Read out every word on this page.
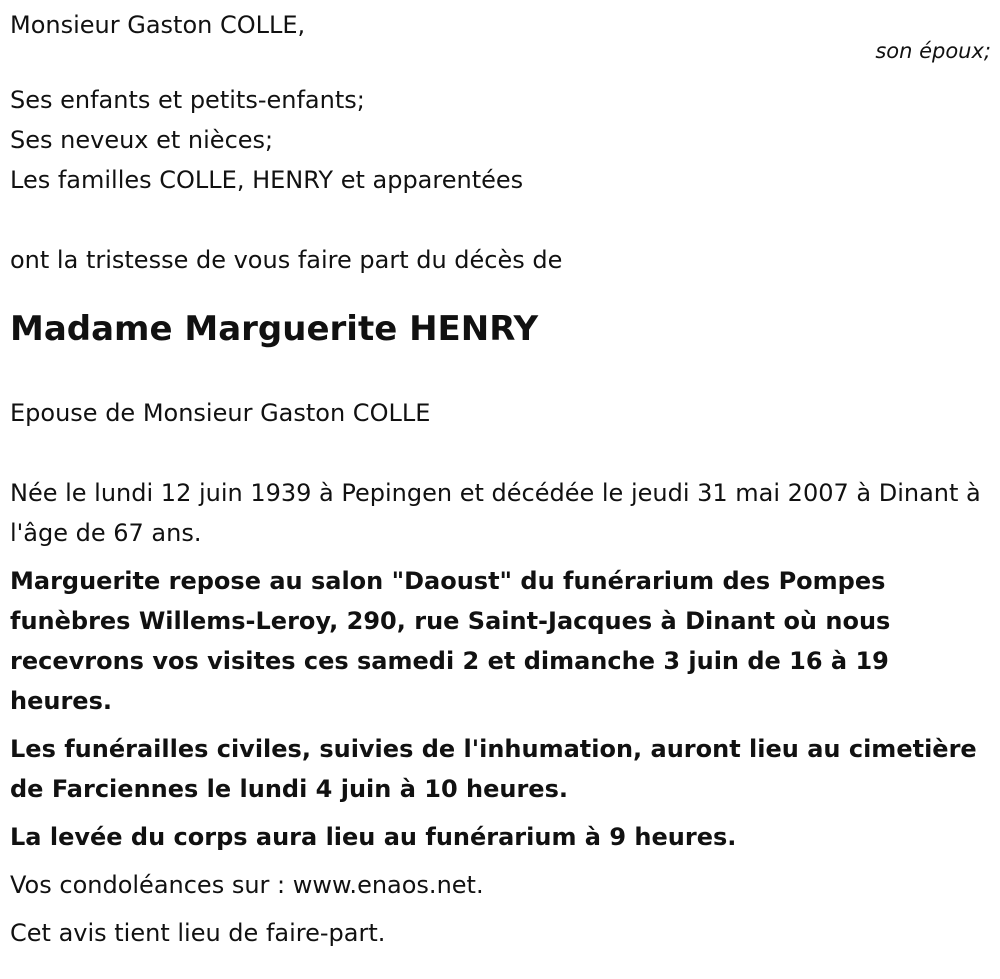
Monsieur Gaston COLLE,
son époux;
Ses enfants et petits-enfants;
Ses neveux et nièces;
Les familles COLLE, HENRY et apparentées
ont la tristesse de vous faire part du décès de
Madame Marguerite HENRY
Epouse de Monsieur Gaston COLLE

Née le lundi 12 juin 1939 à Pepingen et décédée le jeudi 31 mai 2007 à Dinant à l'âge de 67 ans.

Marguerite repose au salon "Daoust" du funérarium des Pompes funèbres Willems-Leroy, 290, rue Saint-Jacques à Dinant où nous recevrons vos visites ces samedi 2 et dimanche 3 juin de 16 à 19 heures.

Les funérailles civiles, suivies de l'inhumation, auront lieu au cimetière de Farciennes le lundi 4 juin à 10 heures.

La levée du corps aura lieu au funérarium à 9 heures.

Vos condoléances sur : www.enaos.net.

Cet avis tient lieu de faire-part.
